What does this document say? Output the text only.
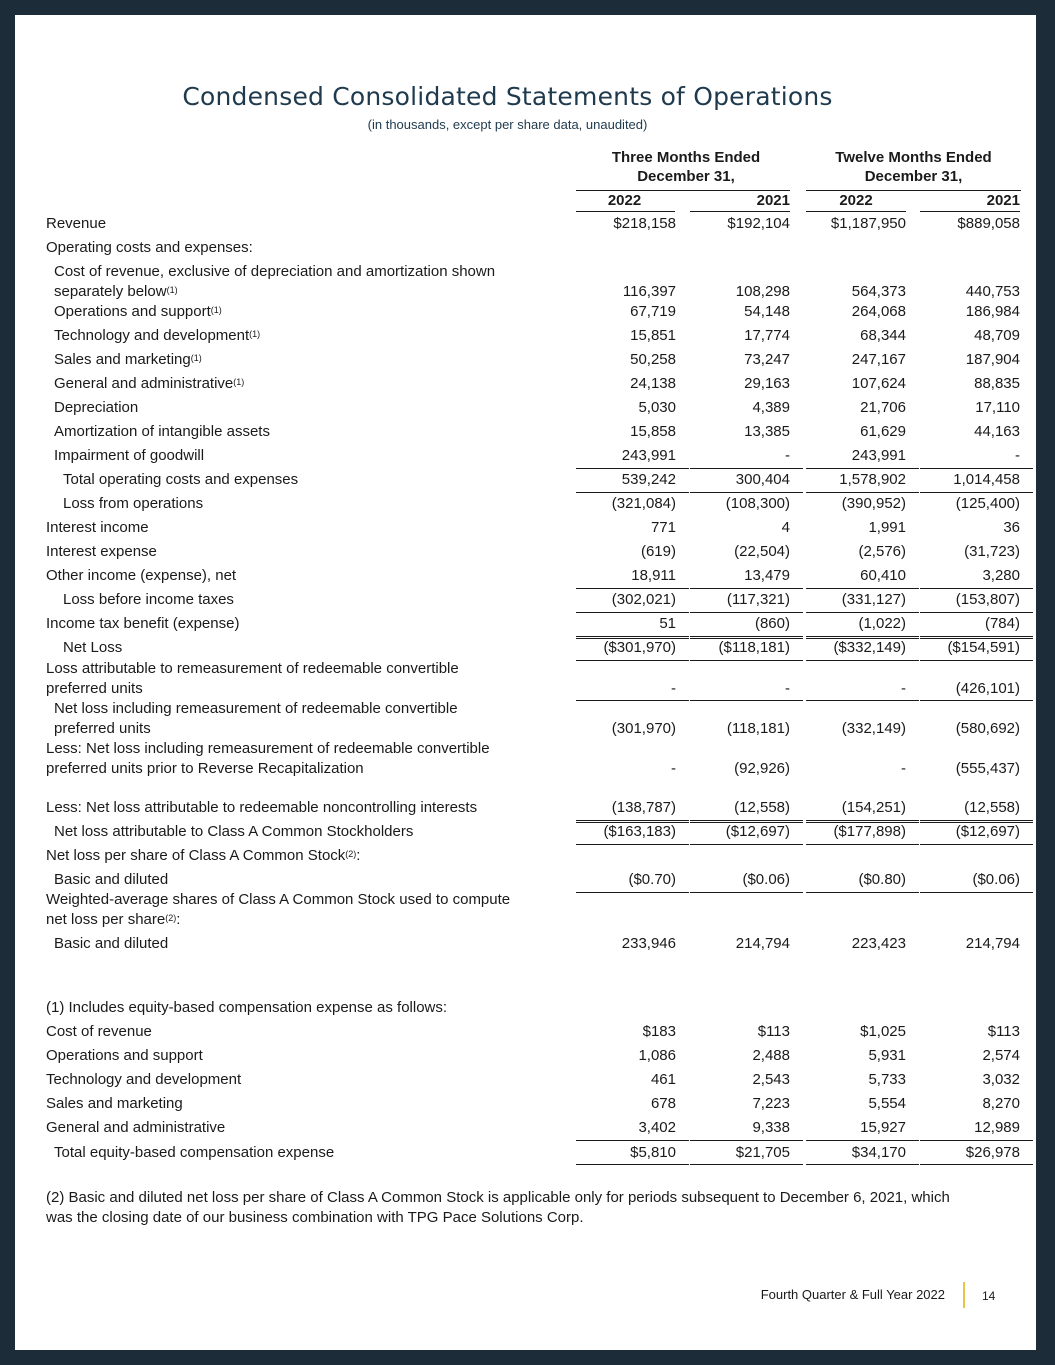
Condensed Consolidated Statements of Operations
(in thousands, except per share data, unaudited)
Three Months Ended
December 31,
Twelve Months Ended
December 31,
2022	2021	2022	2021
Revenue	$218,158	$192,104	$1,187,950	$889,058
Operating costs and expenses:
Cost of revenue, exclusive of depreciation and amortization shown
separately below$^{(1)}$	116,397	108,298	564,373	440,753
Operations and support$^{(1)}$	67,719	54,148	264,068	186,984
Technology and development$^{(1)}$	15,851	17,774	68,344	48,709
Sales and marketing$^{(1)}$	50,258	73,247	247,167	187,904
General and administrative$^{(1)}$	24,138	29,163	107,624	88,835
Depreciation	5,030	4,389	21,706	17,110
Amortization of intangible assets	15,858	13,385	61,629	44,163
Impairment of goodwill	243,991	-	243,991	-
Total operating costs and expenses	539,242	300,404	1,578,902	1,014,458
Loss from operations	(321,084)	(108,300)	(390,952)	(125,400)
Interest income	771	4	1,991	36
Interest expense	(619)	(22,504)	(2,576)	(31,723)
Other income (expense), net	18,911	13,479	60,410	3,280
Loss before income taxes	(302,021)	(117,321)	(331,127)	(153,807)
Income tax benefit (expense)	51	(860)	(1,022)	(784)
Net Loss	($301,970)	($118,181)	($332,149)	($154,591)
Loss attributable to remeasurement of redeemable convertible
preferred units	-	-	-	(426,101)
Net loss including remeasurement of redeemable convertible
preferred units	(301,970)	(118,181)	(332,149)	(580,692)
Less: Net loss including remeasurement of redeemable convertible
preferred units prior to Reverse Recapitalization	-	(92,926)	-	(555,437)
Less: Net loss attributable to redeemable noncontrolling interests	(138,787)	(12,558)	(154,251)	(12,558)
Net loss attributable to Class A Common Stockholders	($163,183)	($12,697)	($177,898)	($12,697)
Net loss per share of Class A Common Stock$^{(2)}$:
Basic and diluted	($0.70)	($0.06)	($0.80)	($0.06)
Weighted-average shares of Class A Common Stock used to compute
net loss per share$^{(2)}$:
Basic and diluted	233,946	214,794	223,423	214,794
(1) Includes equity-based compensation expense as follows:
Cost of revenue	$183	$113	$1,025	$113
Operations and support	1,086	2,488	5,931	2,574
Technology and development	461	2,543	5,733	3,032
Sales and marketing	678	7,223	5,554	8,270
General and administrative	3,402	9,338	15,927	12,989
Total equity-based compensation expense	$5,810	$21,705	$34,170	$26,978
(2) Basic and diluted net loss per share of Class A Common Stock is applicable only for periods subsequent to December 6, 2021, which
was the closing date of our business combination with TPG Pace Solutions Corp.
Fourth Quarter & Full Year 2022	14
